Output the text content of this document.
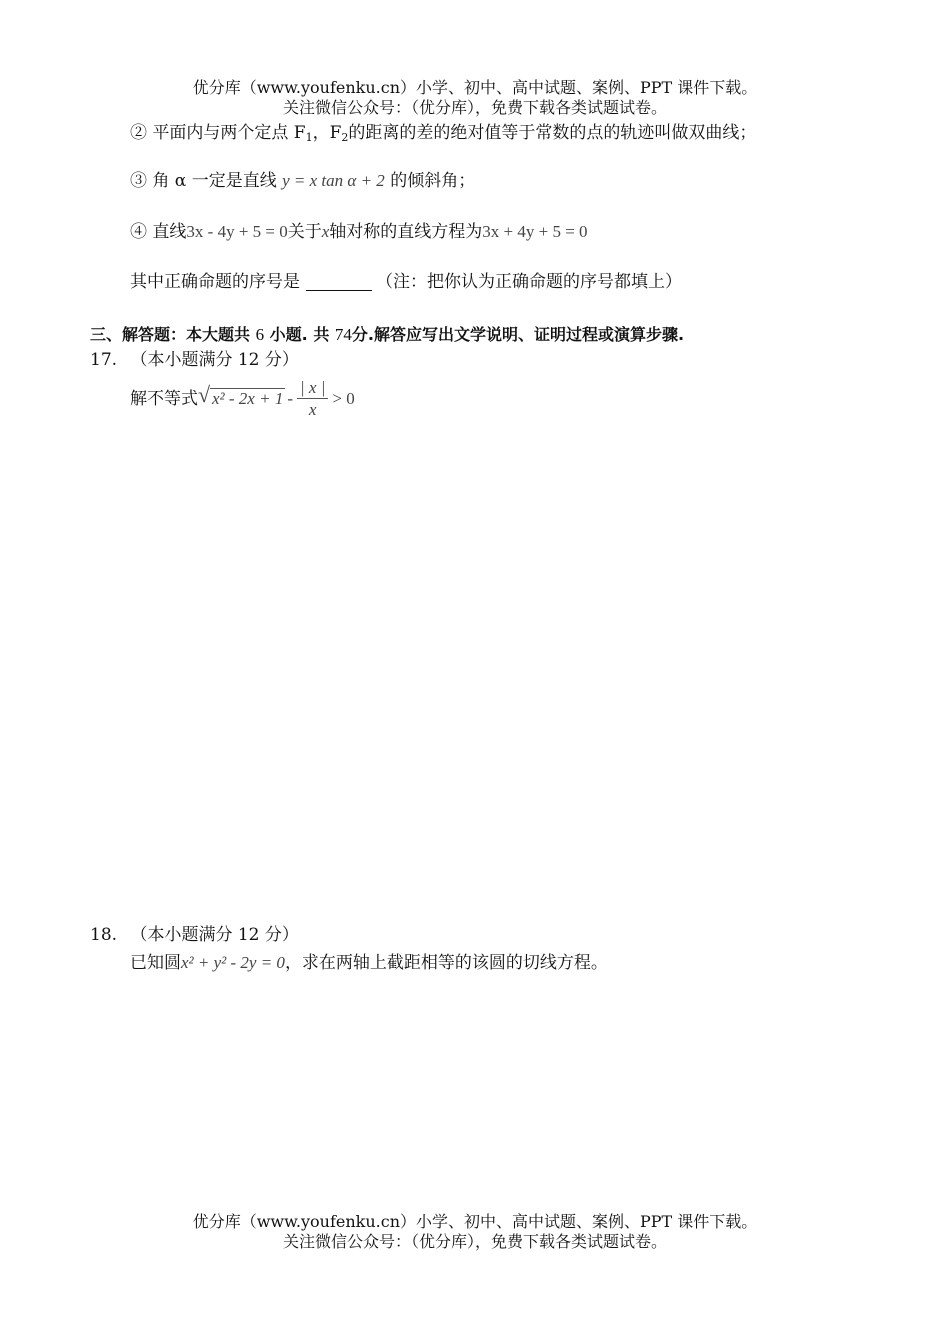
优分库（www.youfenku.cn）小学、初中、高中试题、案例、PPT 课件下载。
关注微信公众号：（优分库），免费下载各类试题试卷。
② 平面内与两个定点 $F_1$，$F_2$的距离的差的绝对值等于常数的点的轨迹叫做双曲线；
③ 角 α 一定是直线 y = x tan α + 2 的倾斜角；
④ 直线3x - 4y + 5 = 0关于x轴对称的直线方程为3x + 4y + 5 = 0
其中正确命题的序号是	（注：把你认为正确命题的序号都填上）
三、解答题：本大题共 6 小题. 共 74分.解答应写出文学说明、证明过程或演算步骤.
17. （本小题满分 12 分）
解不等式 √ $x^2 - 2x + 1 - \frac{| x |}{x} > 0$
18. （本小题满分 12 分）
已知圆x² + y² - 2y = 0，求在两轴上截距相等的该圆的切线方程。
优分库（www.youfenku.cn）小学、初中、高中试题、案例、PPT 课件下载。
关注微信公众号：（优分库），免费下载各类试题试卷。
